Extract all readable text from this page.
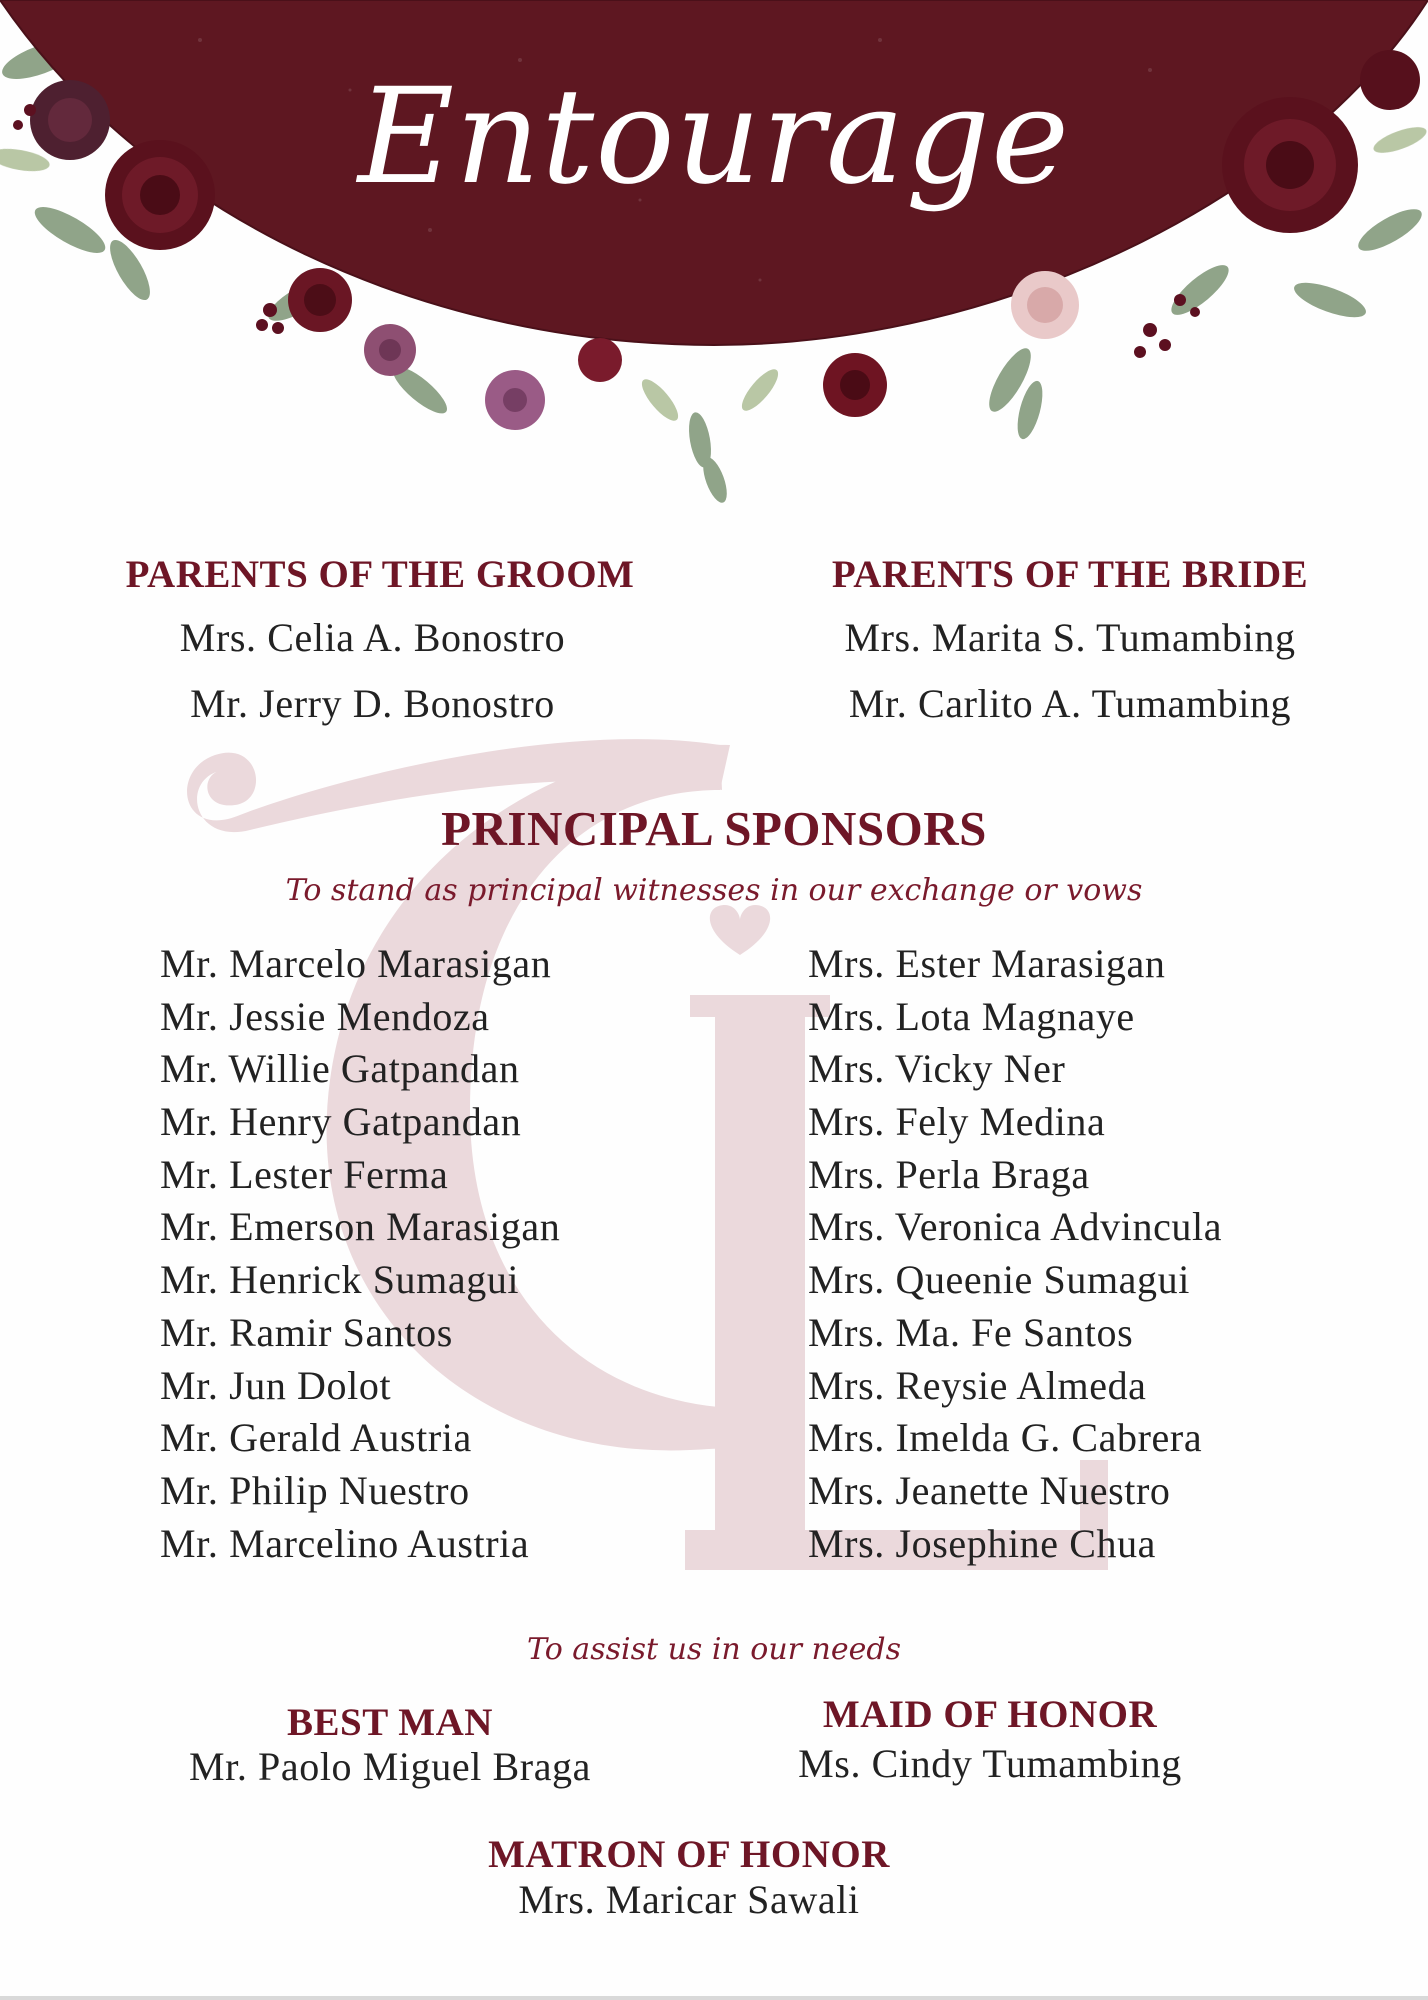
Entourage
PARENTS OF THE GROOM
Mrs. Celia A. Bonostro
Mr. Jerry D. Bonostro
PARENTS OF THE BRIDE
Mrs. Marita S. Tumambing
Mr. Carlito A. Tumambing
PRINCIPAL SPONSORS
To stand as principal witnesses in our exchange or vows
Mr. Marcelo Marasigan
Mr. Jessie Mendoza
Mr. Willie Gatpandan
Mr. Henry Gatpandan
Mr. Lester Ferma
Mr. Emerson Marasigan
Mr. Henrick Sumagui
Mr. Ramir Santos
Mr. Jun Dolot
Mr. Gerald Austria
Mr. Philip Nuestro
Mr. Marcelino Austria
Mrs. Ester Marasigan
Mrs. Lota Magnaye
Mrs. Vicky Ner
Mrs. Fely Medina
Mrs. Perla Braga
Mrs. Veronica Advincula
Mrs. Queenie Sumagui
Mrs. Ma. Fe Santos
Mrs. Reysie Almeda
Mrs. Imelda G. Cabrera
Mrs. Jeanette Nuestro
Mrs. Josephine Chua
To assist us in our needs
BEST MAN
Mr. Paolo Miguel Braga
MAID OF HONOR
Ms. Cindy Tumambing
MATRON OF HONOR
Mrs. Maricar Sawali
